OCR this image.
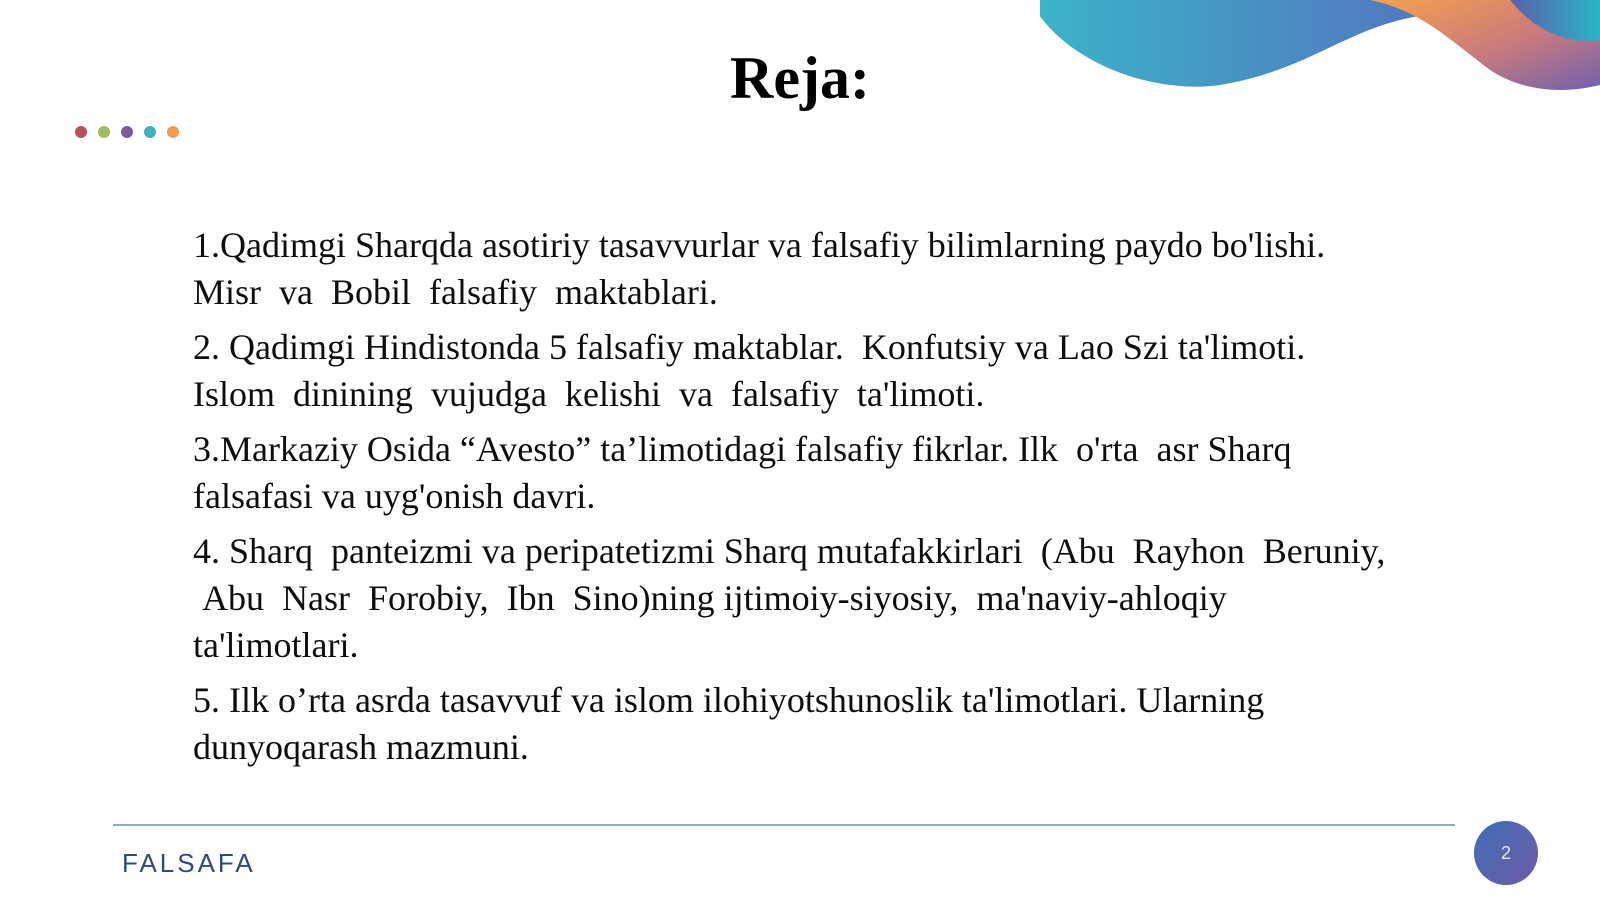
Reja:

1.Qadimgi Sharqda asotiriy tasavvurlar va falsafiy bilimlarning paydo bo'lishi.
Misr  va  Bobil  falsafiy  maktablari.

2. Qadimgi Hindistonda 5 falsafiy maktablar.  Konfutsiy va Lao Szi ta'limoti.
Islom  dinining  vujudga  kelishi  va  falsafiy  ta'limoti.

3.Markaziy Osida “Avesto” ta’limotidagi falsafiy fikrlar. Ilk  o'rta  asr Sharq
falsafasi va uyg'onish davri.

4. Sharq  panteizmi va peripatetizmi Sharq mutafakkirlari  (Abu  Rayhon  Beruniy,
Abu  Nasr  Forobiy,  Ibn  Sino)ning ijtimoiy-siyosiy,  ma'naviy-ahloqiy
ta'limotlari.

5. Ilk o’rta asrda tasavvuf va islom ilohiyotshunoslik ta'limotlari. Ularning
dunyoqarash mazmuni.

FALSAFA	2
